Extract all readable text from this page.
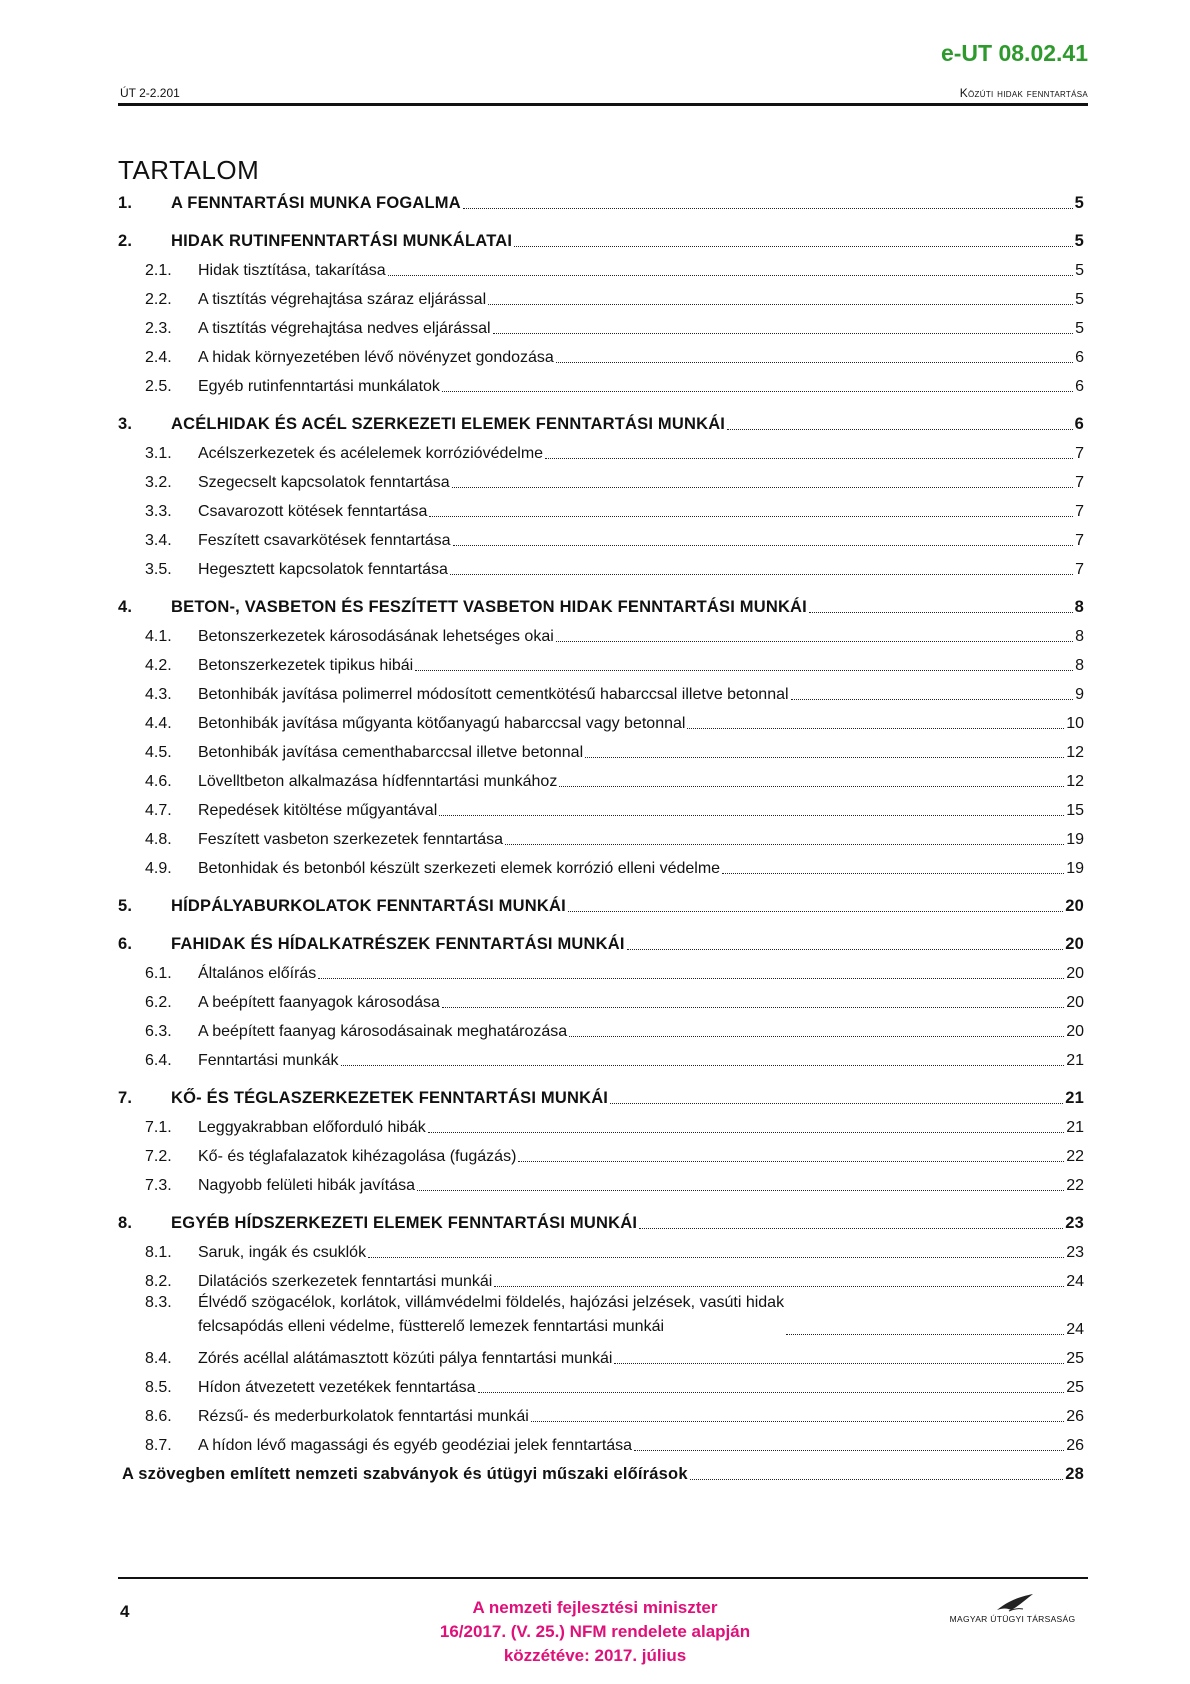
e-UT 08.02.41
ÚT 2-2.201	Közúti hidak fenntartása
TARTALOM
1.	A FENNTARTÁSI MUNKA FOGALMA	5
2.	HIDAK RUTINFENNTARTÁSI MUNKÁLATAI	5
2.1.	Hidak tisztítása, takarítása	5
2.2.	A tisztítás végrehajtása száraz eljárással	5
2.3.	A tisztítás végrehajtása nedves eljárással	5
2.4.	A hidak környezetében lévő növényzet gondozása	6
2.5.	Egyéb rutinfenntartási munkálatok	6
3.	ACÉLHIDAK ÉS ACÉL SZERKEZETI ELEMEK FENNTARTÁSI MUNKÁI	6
3.1.	Acélszerkezetek és acélelemek korrózióvédelme	7
3.2.	Szegecselt kapcsolatok fenntartása	7
3.3.	Csavarozott kötések fenntartása	7
3.4.	Feszített csavarkötések fenntartása	7
3.5.	Hegesztett kapcsolatok fenntartása	7
4.	BETON-, VASBETON ÉS FESZÍTETT VASBETON HIDAK FENNTARTÁSI MUNKÁI	8
4.1.	Betonszerkezetek károsodásának lehetséges okai	8
4.2.	Betonszerkezetek tipikus hibái	8
4.3.	Betonhibák javítása polimerrel módosított cementkötésű habarccsal illetve betonnal	9
4.4.	Betonhibák javítása műgyanta kötőanyagú habarccsal vagy betonnal	10
4.5.	Betonhibák javítása cementhabarccsal illetve betonnal	12
4.6.	Lövelltbeton alkalmazása hídfenntartási munkához	12
4.7.	Repedések kitöltése műgyantával	15
4.8.	Feszített vasbeton szerkezetek fenntartása	19
4.9.	Betonhidak és betonból készült szerkezeti elemek korrózió elleni védelme	19
5.	HÍDPÁLYABURKOLATOK FENNTARTÁSI MUNKÁI	20
6.	FAHIDAK ÉS HÍDALKATRÉSZEK FENNTARTÁSI MUNKÁI	20
6.1.	Általános előírás	20
6.2.	A beépített faanyagok károsodása	20
6.3.	A beépített faanyag károsodásainak meghatározása	20
6.4.	Fenntartási munkák	21
7.	KŐ- ÉS TÉGLASZERKEZETEK FENNTARTÁSI MUNKÁI	21
7.1.	Leggyakrabban előforduló hibák	21
7.2.	Kő- és téglafalazatok kihézagolása (fugázás)	22
7.3.	Nagyobb felületi hibák javítása	22
8.	EGYÉB HÍDSZERKEZETI ELEMEK FENNTARTÁSI MUNKÁI	23
8.1.	Saruk, ingák és csuklók	23
8.2.	Dilatációs szerkezetek fenntartási munkái	24
8.3.	Élvédő szögacélok, korlátok, villámvédelmi földelés, hajózási jelzések, vasúti hidak
felcsapódás elleni védelme, füstterelő lemezek fenntartási munkái	24
8.4.	Zórés acéllal alátámasztott közúti pálya fenntartási munkái	25
8.5.	Hídon átvezetett vezetékek fenntartása	25
8.6.	Rézsű- és mederburkolatok fenntartási munkái	26
8.7.	A hídon lévő magassági és egyéb geodéziai jelek fenntartása	26
A szövegben említett nemzeti szabványok és útügyi műszaki előírások	28
4	A nemzeti fejlesztési miniszter
16/2017. (V. 25.) NFM rendelete alapján
közzétéve: 2017. július
MAGYAR ÚTÜGYI TÁRSASÁG
